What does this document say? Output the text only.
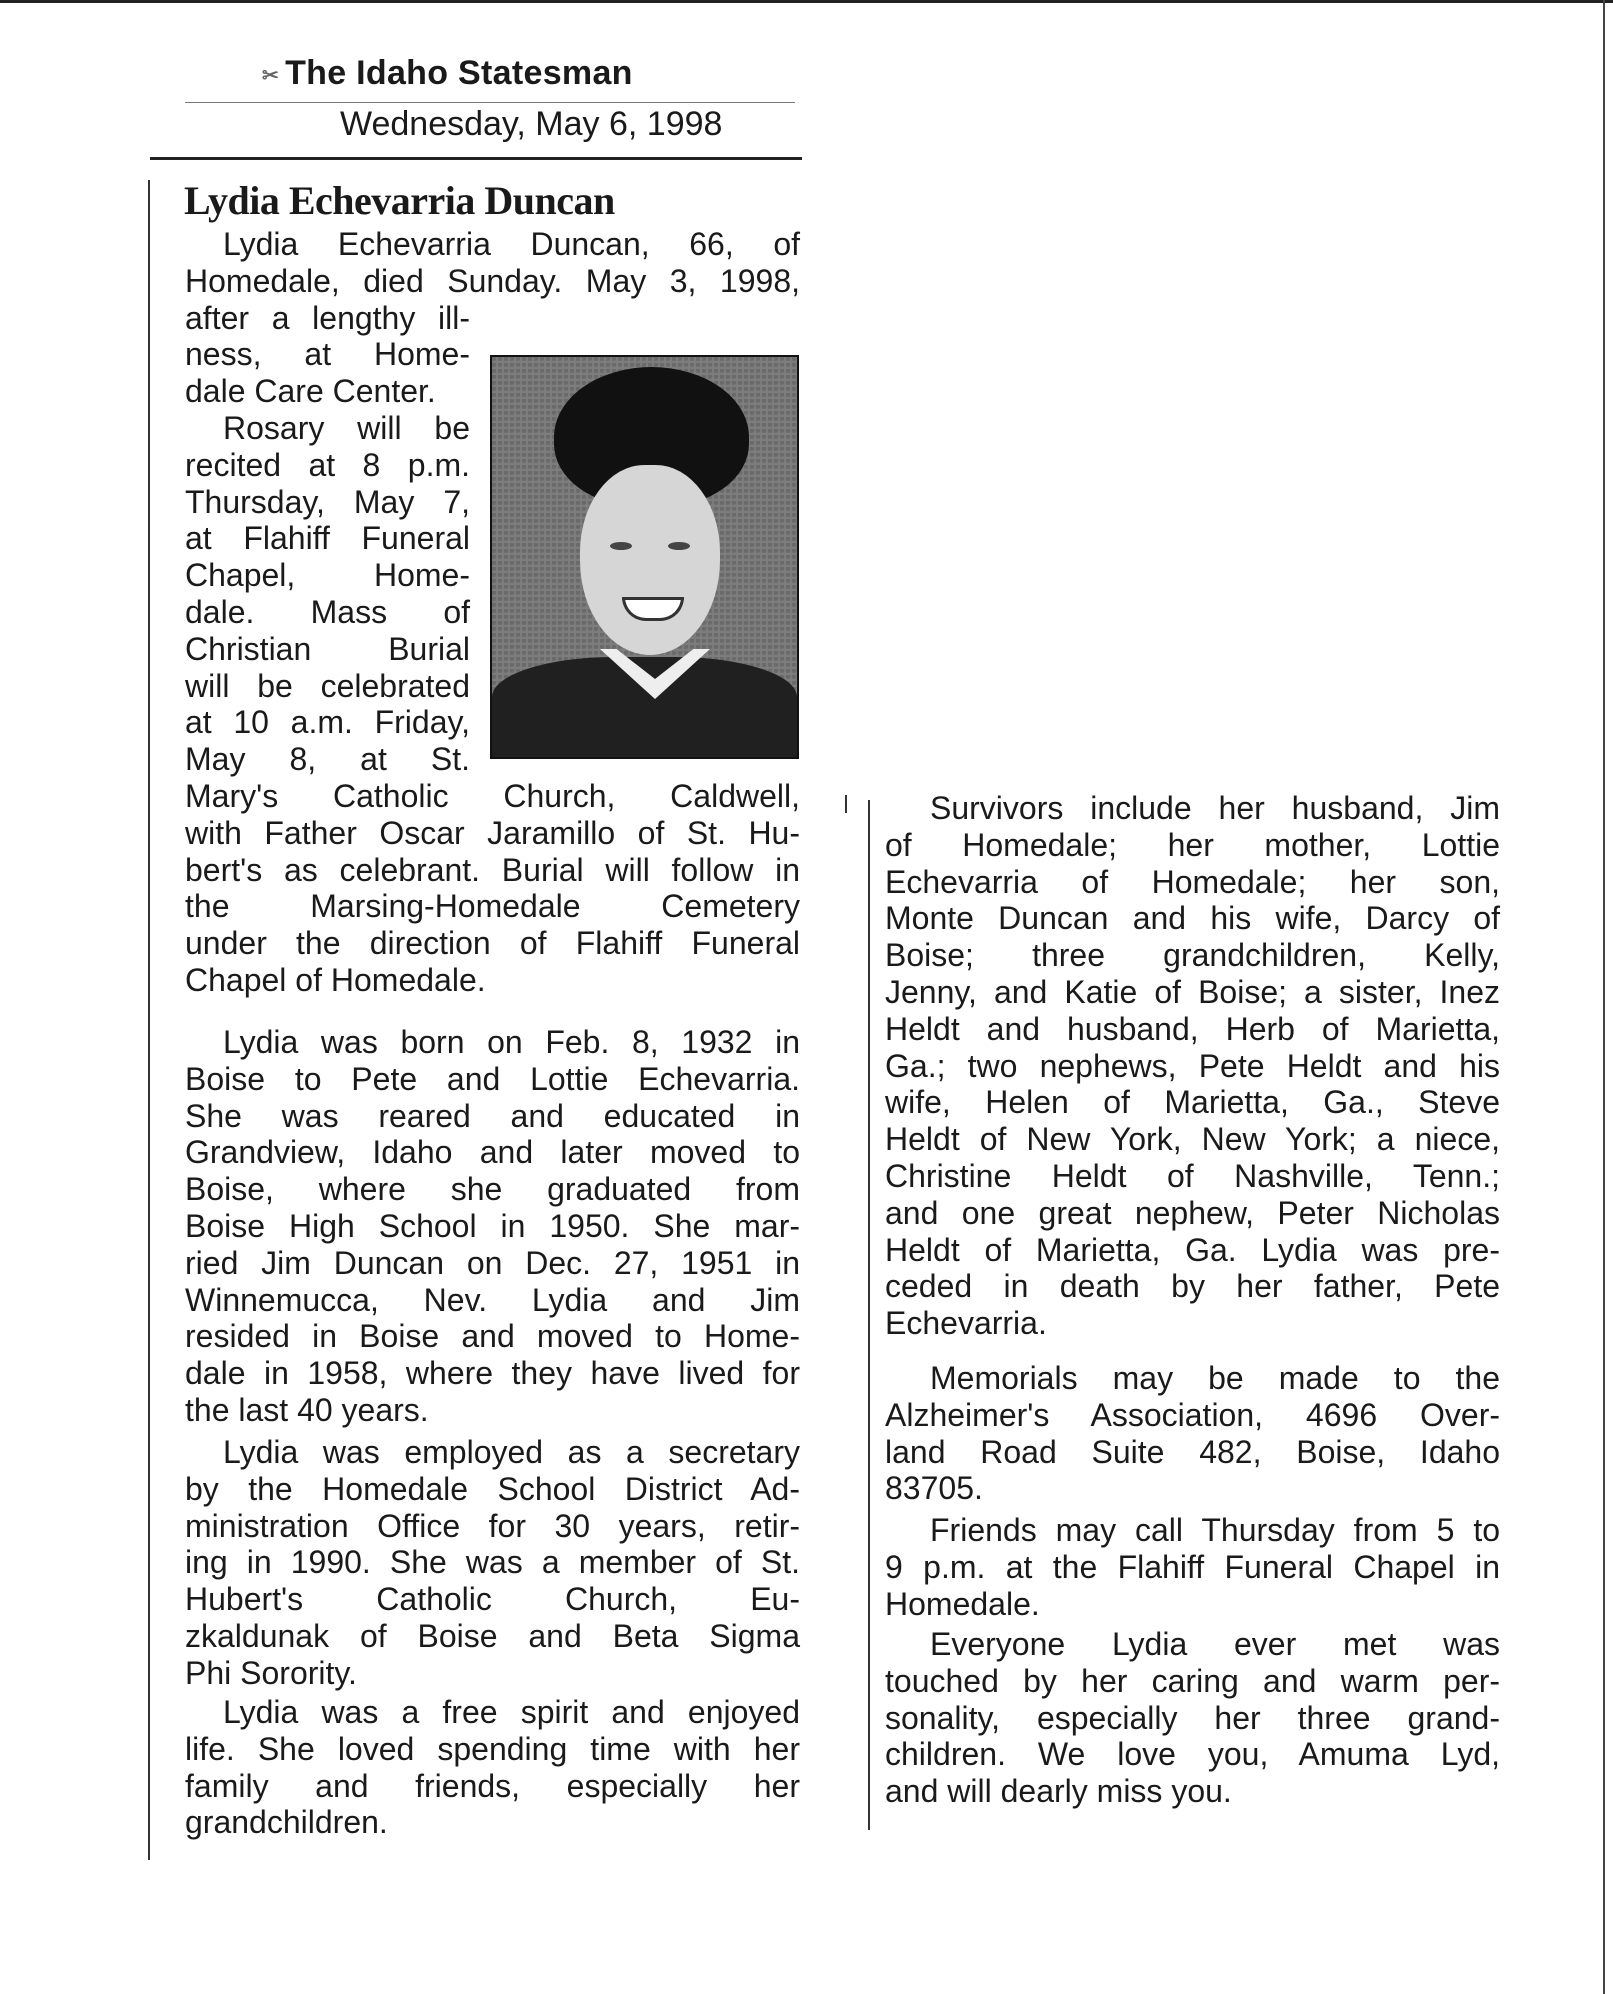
✂ The Idaho Statesman
Wednesday, May 6, 1998
Lydia Echevarria Duncan
Lydia Echevarria Duncan, 66, of
Homedale, died Sunday. May 3, 1998,
after a lengthy ill-
ness, at Home-
dale Care Center.
Rosary will be
recited at 8 p.m.
Thursday, May 7,
at Flahiff Funeral
Chapel, Home-
dale. Mass of
Christian Burial
will be celebrated
at 10 a.m. Friday,
May 8, at St.
Mary's Catholic Church, Caldwell,
with Father Oscar Jaramillo of St. Hu-
bert's as celebrant. Burial will follow in
the Marsing-Homedale Cemetery
under the direction of Flahiff Funeral
Chapel of Homedale.
Lydia was born on Feb. 8, 1932 in
Boise to Pete and Lottie Echevarria.
She was reared and educated in
Grandview, Idaho and later moved to
Boise, where she graduated from
Boise High School in 1950. She mar-
ried Jim Duncan on Dec. 27, 1951 in
Winnemucca, Nev. Lydia and Jim
resided in Boise and moved to Home-
dale in 1958, where they have lived for
the last 40 years.
Lydia was employed as a secretary
by the Homedale School District Ad-
ministration Office for 30 years, retir-
ing in 1990. She was a member of St.
Hubert's Catholic Church, Eu-
zkaldunak of Boise and Beta Sigma
Phi Sorority.
Lydia was a free spirit and enjoyed
life. She loved spending time with her
family and friends, especially her
grandchildren.
Survivors include her husband, Jim
of Homedale; her mother, Lottie
Echevarria of Homedale; her son,
Monte Duncan and his wife, Darcy of
Boise; three grandchildren, Kelly,
Jenny, and Katie of Boise; a sister, Inez
Heldt and husband, Herb of Marietta,
Ga.; two nephews, Pete Heldt and his
wife, Helen of Marietta, Ga., Steve
Heldt of New York, New York; a niece,
Christine Heldt of Nashville, Tenn.;
and one great nephew, Peter Nicholas
Heldt of Marietta, Ga. Lydia was pre-
ceded in death by her father, Pete
Echevarria.
Memorials may be made to the
Alzheimer's Association, 4696 Over-
land Road Suite 482, Boise, Idaho
83705.
Friends may call Thursday from 5 to
9 p.m. at the Flahiff Funeral Chapel in
Homedale.
Everyone Lydia ever met was
touched by her caring and warm per-
sonality, especially her three grand-
children. We love you, Amuma Lyd,
and will dearly miss you.
